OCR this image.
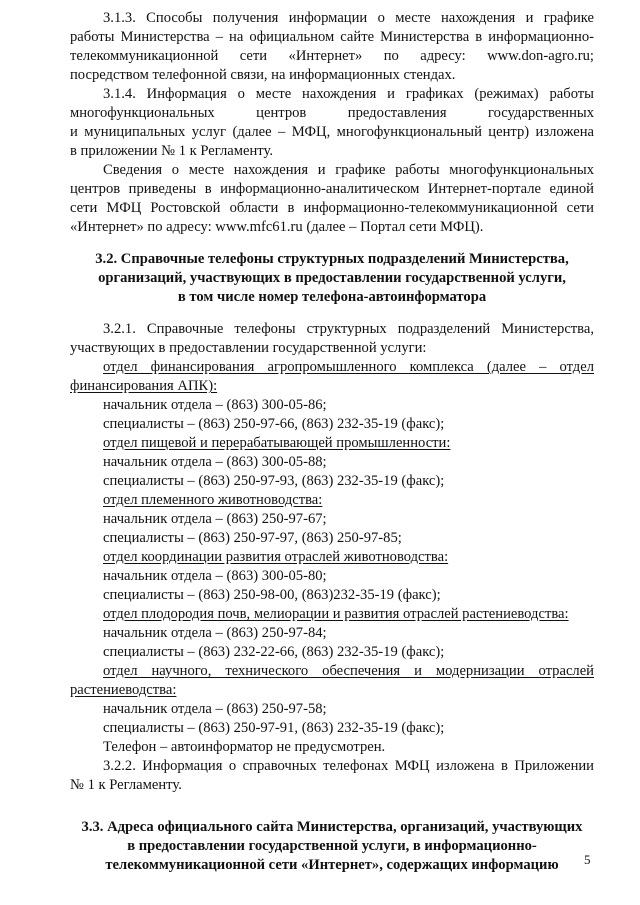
3.1.3. Способы получения информации о месте нахождения и графике
работы Министерства – на официальном сайте Министерства в информационно-
телекоммуникационной сети «Интернет» по адресу: www.don-agro.ru;
посредством телефонной связи, на информационных стендах.
3.1.4. Информация о месте нахождения и графиках (режимах) работы
многофункциональных центров предоставления государственных
и муниципальных услуг (далее – МФЦ, многофункциональный центр) изложена
в приложении № 1 к Регламенту.
Сведения о месте нахождения и графике работы многофункциональных
центров приведены в информационно-аналитическом Интернет-портале единой
сети МФЦ Ростовской области в информационно-телекоммуникационной сети
«Интернет» по адресу: www.mfc61.ru (далее – Портал сети МФЦ).
3.2. Справочные телефоны структурных подразделений Министерства,
организаций, участвующих в предоставлении государственной услуги,
в том числе номер телефона-автоинформатора
3.2.1. Справочные телефоны структурных подразделений Министерства,
участвующих в предоставлении государственной услуги:
отдел финансирования агропромышленного комплекса (далее – отдел
финансирования АПК):
начальник отдела – (863) 300-05-86;
специалисты – (863) 250-97-66, (863) 232-35-19 (факс);
отдел пищевой и перерабатывающей промышленности:
начальник отдела – (863) 300-05-88;
специалисты – (863) 250-97-93, (863) 232-35-19 (факс);
отдел племенного животноводства:
начальник отдела – (863) 250-97-67;
специалисты – (863) 250-97-97, (863) 250-97-85;
отдел координации развития отраслей животноводства:
начальник отдела – (863) 300-05-80;
специалисты – (863) 250-98-00, (863)232-35-19 (факс);
отдел плодородия почв, мелиорации и развития отраслей растениеводства:
начальник отдела – (863) 250-97-84;
специалисты – (863) 232-22-66, (863) 232-35-19 (факс);
отдел научного, технического обеспечения и модернизации отраслей
растениеводства:
начальник отдела – (863) 250-97-58;
специалисты – (863) 250-97-91, (863) 232-35-19 (факс);
Телефон – автоинформатор не предусмотрен.
3.2.2. Информация о справочных телефонах МФЦ изложена в Приложении
№ 1 к Регламенту.
3.3. Адреса официального сайта Министерства, организаций, участвующих
в предоставлении государственной услуги, в информационно-
телекоммуникационной сети «Интернет», содержащих информацию	5
